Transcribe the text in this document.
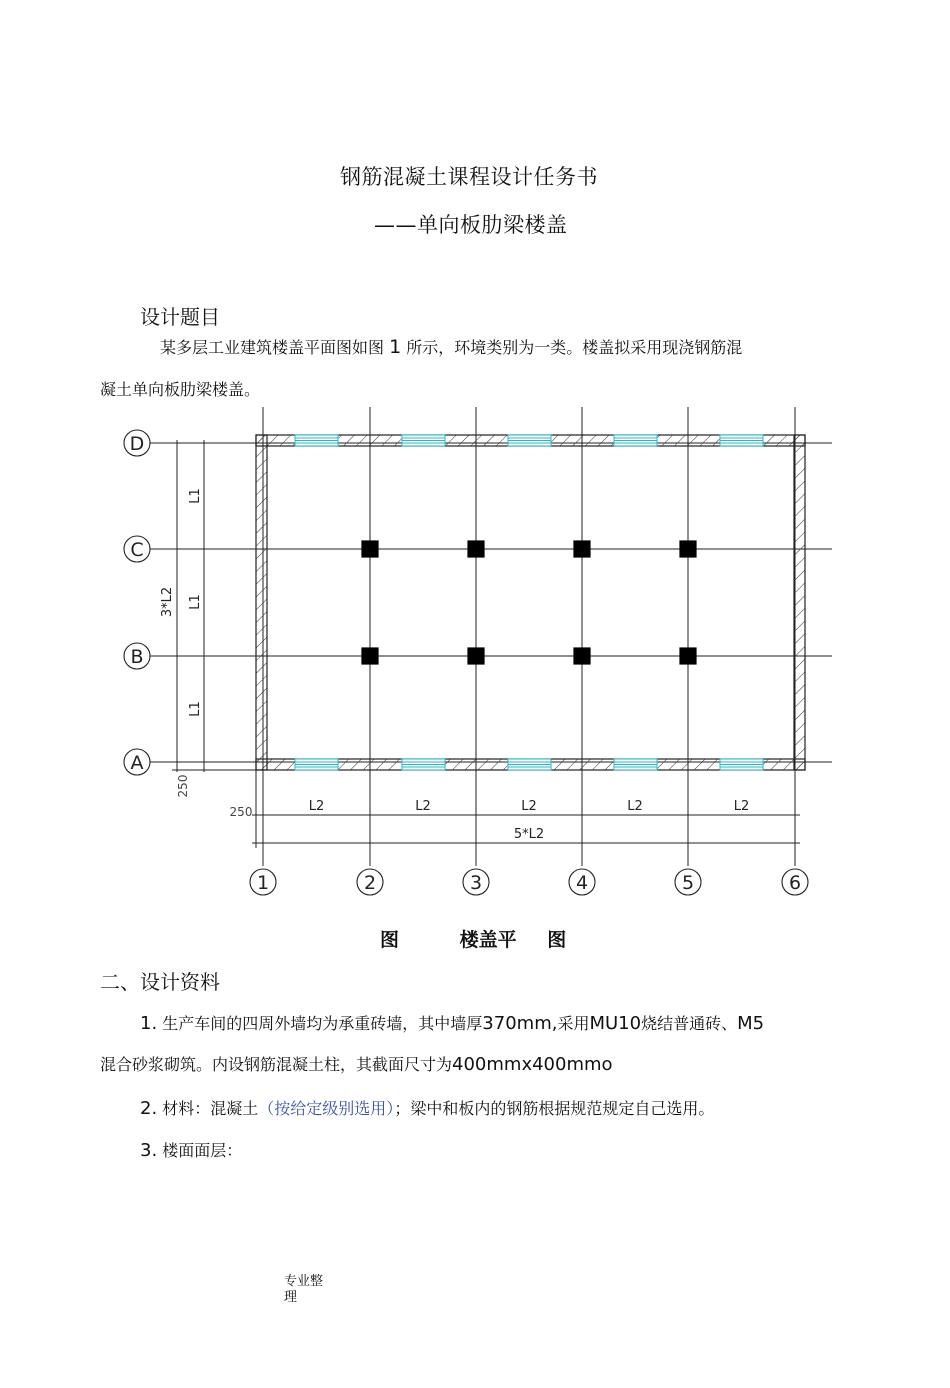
钢筋混凝土课程设计任务书
——单向板肋梁楼盖
设计题目
某多层工业建筑楼盖平面图如图 1 所示，环境类别为一类。楼盖拟采用现浇钢筋混
凝土单向板肋梁楼盖。
D
C
B
A
1	2	3	4	5	6
L1
L1
L1
3*L2
250
L2	L2	L2	L2	L2
5*L2
250
图	楼盖平 图
二、设计资料
1. 生产车间的四周外墙均为承重砖墙，其中墙厚370mm,采用MU10烧结普通砖、M5
混合砂浆砌筑。内设钢筋混凝土柱，其截面尺寸为400mmx400mmo
2. 材料：混凝土（按给定级别选用）；梁中和板内的钢筋根据规范规定自己选用。
3. 楼面面层：
专业整理
